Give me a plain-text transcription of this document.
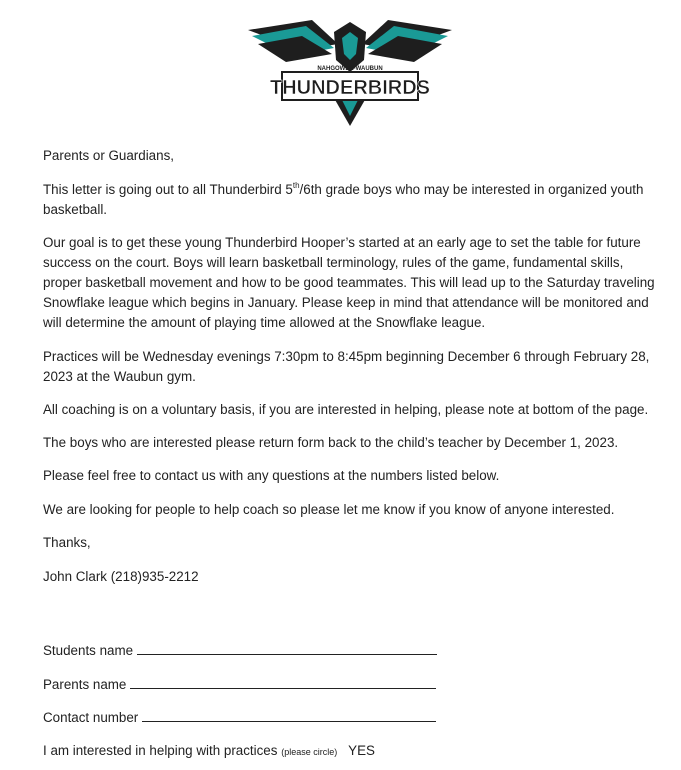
NAHGOWEN-WAUBUN
THUNDERBIRDS

Parents or Guardians,

This letter is going out to all Thunderbird 5th/6th grade boys who may be interested in organized youth

basketball.

Our goal is to get these young Thunderbird Hooper’s started at an early age to set the table for future

success on the court. Boys will learn basketball terminology, rules of the game, fundamental skills,

proper basketball movement and how to be good teammates. This will lead up to the Saturday traveling

Snowflake league which begins in January. Please keep in mind that attendance will be monitored and

will determine the amount of playing time allowed at the Snowflake league.

Practices will be Wednesday evenings 7:30pm to 8:45pm beginning December 6 through February 28,

2023 at the Waubun gym.

All coaching is on a voluntary basis, if you are interested in helping, please note at bottom of the page.

The boys who are interested please return form back to the child’s teacher by December 1, 2023.

Please feel free to contact us with any questions at the numbers listed below.

We are looking for people to help coach so please let me know if you know of anyone interested.

Thanks,

John Clark (218)935-2212

Students name
Parents name
Contact number
I am interested in helping with practices (please circle) YES
